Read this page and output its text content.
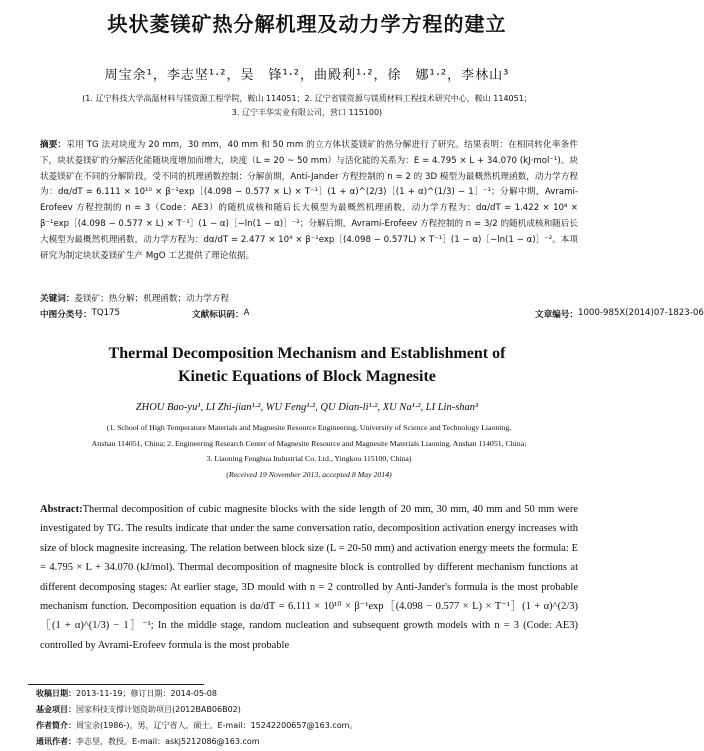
块状菱镁矿热分解机理及动力学方程的建立
周宝余¹，李志坚¹·²，吴　锋¹·²，曲殿利¹·²，徐　娜¹·²，李林山³
(1. 辽宁科技大学高温材料与镁资源工程学院，鞍山 114051；2. 辽宁省镁资源与镁质材料工程技术研究中心，鞍山 114051；
3. 辽宁丰华实业有限公司，营口 115100)
摘要：采用 TG 法对块度为 20 mm，30 mm，40 mm 和 50 mm 的立方体状菱镁矿的热分解进行了研究。结果表明：在相同转化率条件下，块状菱镁矿的分解活化能随块度增加而增大，块度（L = 20 ~ 50 mm）与活化能的关系为：E = 4.795 × L + 34.070 (kJ·mol⁻¹)。块状菱镁矿在不同的分解阶段，受不同的机理函数控制：分解前期，Anti-Jander 方程控制的 n = 2 的 3D 模型为最概然机理函数，动力学方程为：dα/dT = 6.111 × 10¹⁰ × β⁻¹exp［(4.098 − 0.577 × L) × T⁻¹］(1 + α)^(2/3)［(1 + α)^(1/3) − 1］⁻¹；分解中期，Avrami-Erofeev 方程控制的 n = 3（Code：AE3）的随机成核和随后长大模型为最概然机理函数，动力学方程为：dα/dT = 1.422 × 10⁸ × β⁻¹exp［(4.098 − 0.577 × L) × T⁻¹］(1 − α)［−ln(1 − α)］⁻²；分解后期，Avrami-Erofeev 方程控制的 n = 3/2 的随机成核和随后长大模型为最概然机理函数，动力学方程为：dα/dT = 2.477 × 10⁹ × β⁻¹exp［(4.098 − 0.577L) × T⁻¹］(1 − α)［−ln(1 − α)］⁻²。本项研究为制定块状菱镁矿生产 MgO 工艺提供了理论依据。
关键词：菱镁矿；热分解；机理函数；动力学方程
中图分类号： TQ175	文献标识码： A	文章编号： 1000-985X(2014)07-1823-06
Thermal Decomposition Mechanism and Establishment of
Kinetic Equations of Block Magnesite
ZHOU Bao-yu¹, LI Zhi-jian¹·², WU Feng¹·², QU Dian-li¹·², XU Na¹·², LI Lin-shan³
(1. School of High Temperature Materials and Magnesite Resource Engineering, University of Science and Technology Liaoning,
Anshan 114051, China; 2. Engineering Research Center of Magnesite Resource and Magnesite Materials Liaoning, Anshan 114051, China;
3. Liaoning Fenghua Industrial Co. Ltd., Yingkou 115100, China)
(Received 19 November 2013, accepted 8 May 2014)
Abstract:Thermal decomposition of cubic magnesite blocks with the side length of 20 mm, 30 mm, 40 mm and 50 mm were investigated by TG. The results indicate that under the same conversation ratio, decomposition activation energy increases with size of block magnesite increasing. The relation between block size (L = 20-50 mm) and activation energy meets the formula: E = 4.795 × L + 34.070 (kJ/mol). Thermal decomposition of magnesite block is controlled by different mechanism functions at different decomposing stages: At earlier stage, 3D mould with n = 2 controlled by Anti-Jander's formula is the most probable mechanism function. Decomposition equation is dα/dT = 6.111 × 10¹⁰ × β⁻¹exp［(4.098 − 0.577 × L) × T⁻¹］(1 + α)^(2/3)［(1 + α)^(1/3) − 1］⁻¹; In the middle stage, random nucleation and subsequent growth models with n = 3 (Code: AE3) controlled by Avrami-Erofeev formula is the most probable
收稿日期：2013-11-19；修订日期：2014-05-08
基金项目：国家科技支撑计划资助项目(2012BAB06B02)
作者简介：周宝余(1986-)，男，辽宁省人，硕士。E-mail：15242200657@163.com。
通讯作者：李志坚，教授。E-mail：askj5212086@163.com
